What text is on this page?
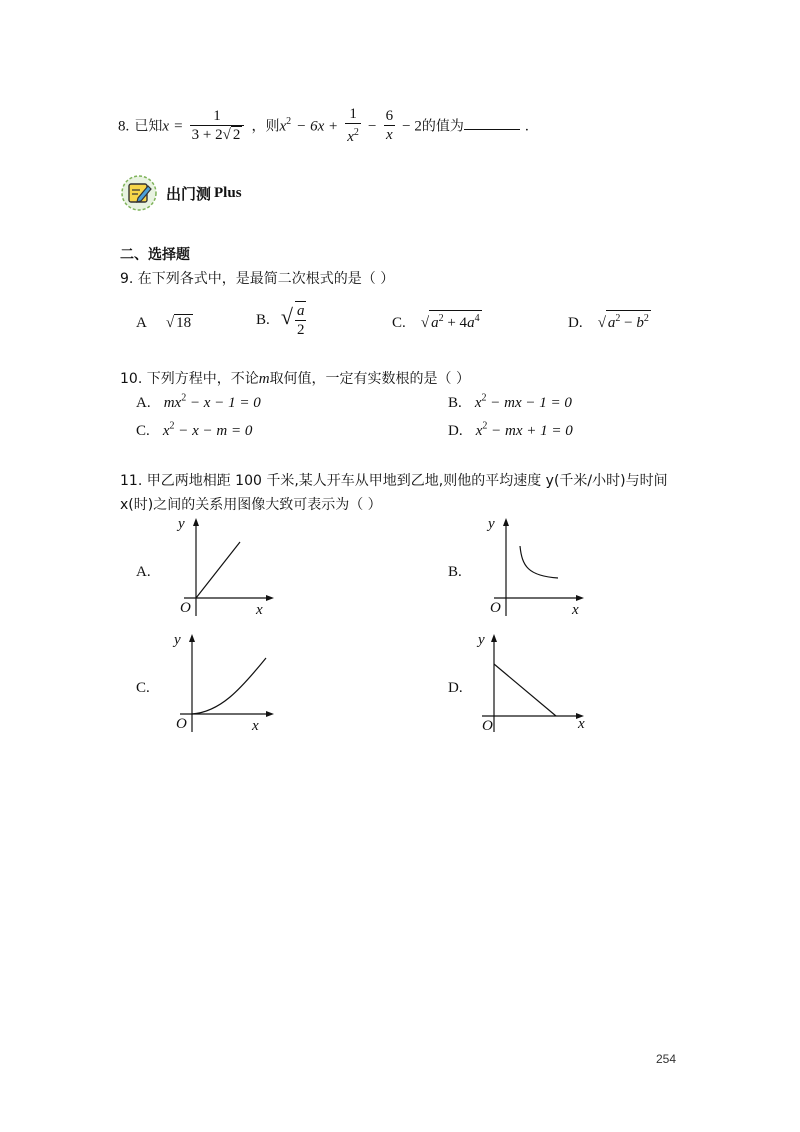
8. 已知$x = \frac{1}{3 + 2√ 2}$ ，则$x^2 - 6x + \frac{1}{x^2} - \frac{6}{x} - 2$的值为	.
出门测 Plus
二、选择题
9. 在下列各式中，是最简二次根式的是（ ）
A √ 18	B. √ $\frac{a}{2}$	C. √ $a^2 + 4a^4$	D. √ $a^2 - b^2$
10. 下列方程中，不论m取何值，一定有实数根的是（ ）
A. $mx^2 - x - 1 = 0$	B. $x^2$ − mx − 1 = 0
C. $x^2 - x - m = 0$	D. $x^2$ − mx + 1 = 0
11. 甲乙两地相距 100 千米,某人开车从甲地到乙地,则他的平均速度 y(千米/小时)与时间
x(时)之间的关系用图像大致可表示为（ ）
A.	B.
C.	D.
y
x
O
y
x
O
y
x
O
y
x
O
254
